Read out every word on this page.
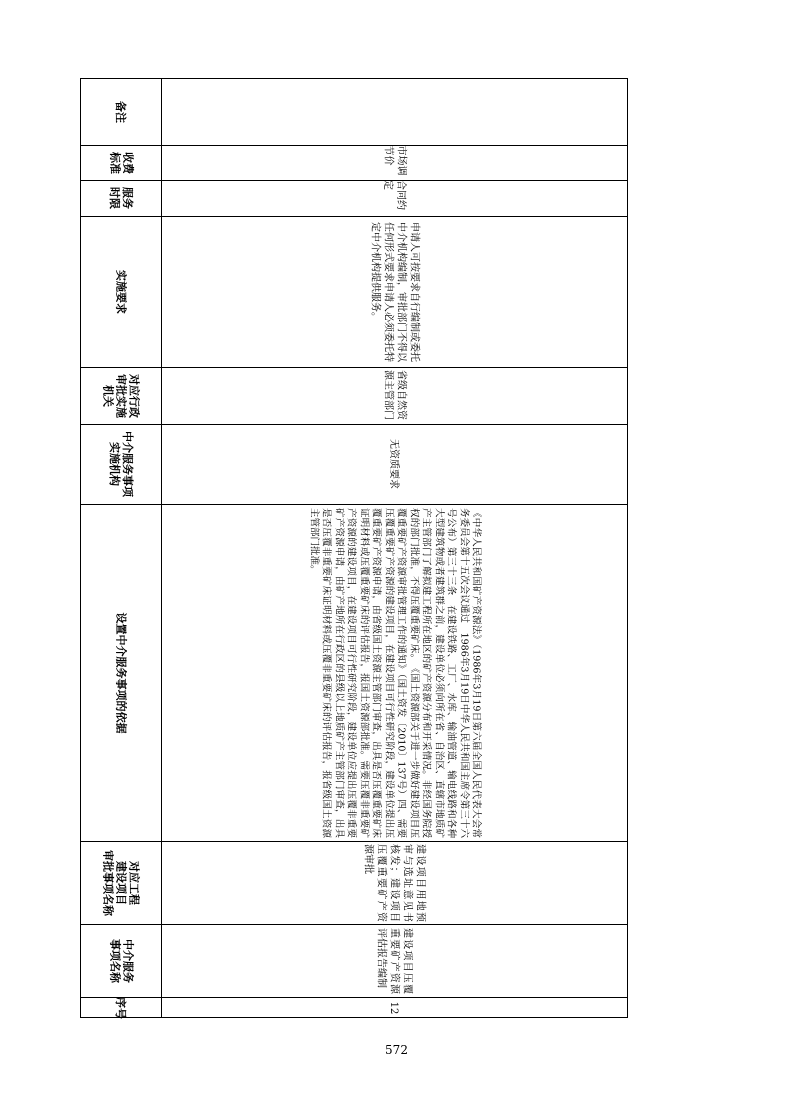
备注
收费
标准
服务
时限
实施要求
对应行政
审批实施
机关
中介服务事项
实施机构
设置中介服务事项的依据
对应工程
建设项目
审批事项名称
中介服务
事项名称
序号
市场调节价
合同约定
申请人可按要求自行编制或委托中介机构编制，审批部门不得以任何形式要求申请人必须委托特定中介机构提供服务。
省级自然资源主管部门
无资质要求
《中华人民共和国矿产资源法》（1986年3月19日第六届全国人民代表大会常务委员会第十五次会议通过　1986年3月19日中华人民共和国主席令第三十六号公布）第三十三条　在建设铁路、工厂、水库、输油管道、输电线路和各种大型建筑物或者建筑群之前，建设单位必须向所在省、自治区、直辖市地质矿产主管部门了解拟建工程所在地区的矿产资源分布和开采情况。非经国务院授权的部门批准，不得压覆重要矿床。　《国土资源部关于进一步做好建设项目压覆重要矿产资源审批管理工作的通知》（国土资发〔2010〕137号）四、需要压覆重要矿产资源的建设项目，在建设项目可行性研究阶段，建设单位提出压覆重要矿产资源申请，由省级国土资源主管部门审查，出具是否压覆重要矿床证明材料或压覆重要矿床的评估报告，报国土资源部批准。需要压覆非重要矿产资源的建设项目，在建设项目可行性研究阶段，建设单位应提出压覆非重要矿产资源申请，由矿产地所在行政区的县级以上地质矿产主管部门审查，出具是否压覆非重要矿床证明材料或压覆非重要矿床的评估报告，报省级国土资源主管部门批准。
建设项目用地预审与选址意见书核发；建设项目压覆重要矿产资源审批
建设项目压覆重要矿产资源评估报告编制
12
572
